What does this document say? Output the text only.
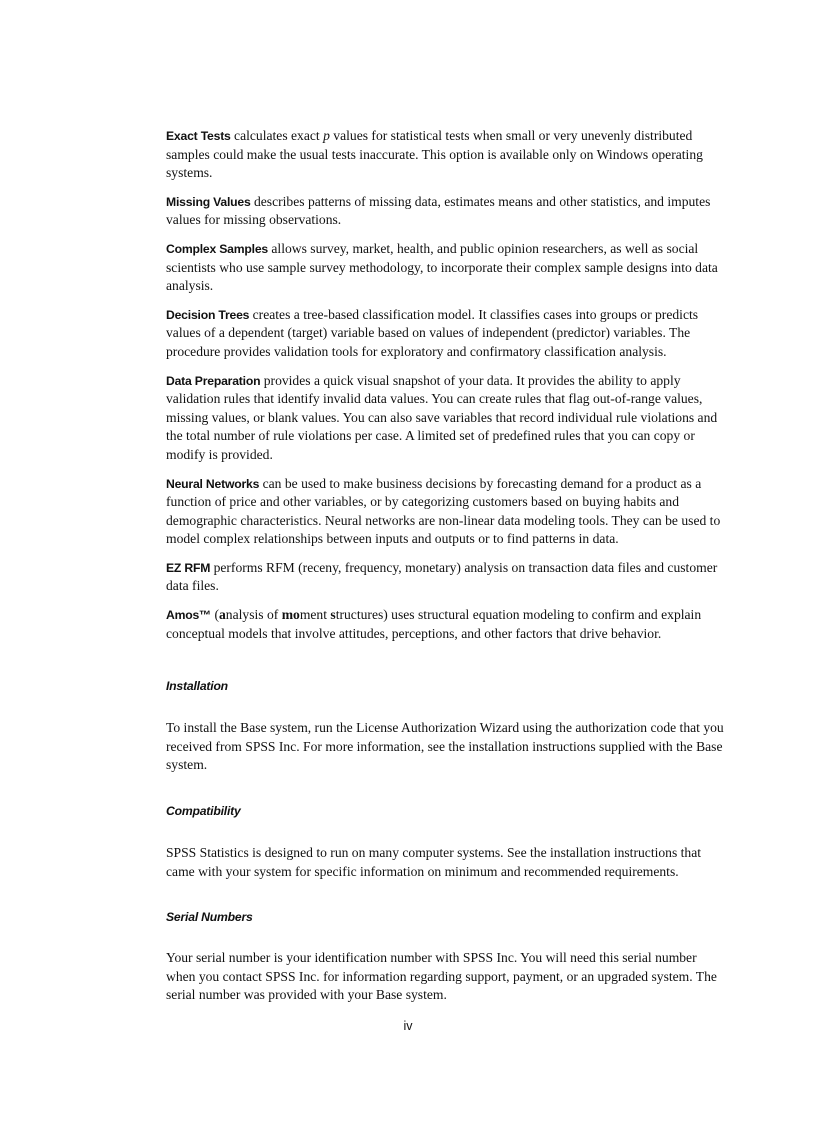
Exact Tests calculates exact p values for statistical tests when small or very unevenly distributed samples could make the usual tests inaccurate. This option is available only on Windows operating systems.

Missing Values describes patterns of missing data, estimates means and other statistics, and imputes values for missing observations.

Complex Samples allows survey, market, health, and public opinion researchers, as well as social scientists who use sample survey methodology, to incorporate their complex sample designs into data analysis.

Decision Trees creates a tree-based classification model. It classifies cases into groups or predicts values of a dependent (target) variable based on values of independent (predictor) variables. The procedure provides validation tools for exploratory and confirmatory classification analysis.

Data Preparation provides a quick visual snapshot of your data. It provides the ability to apply validation rules that identify invalid data values. You can create rules that flag out-of-range values, missing values, or blank values. You can also save variables that record individual rule violations and the total number of rule violations per case. A limited set of predefined rules that you can copy or modify is provided.

Neural Networks can be used to make business decisions by forecasting demand for a product as a function of price and other variables, or by categorizing customers based on buying habits and demographic characteristics. Neural networks are non-linear data modeling tools. They can be used to model complex relationships between inputs and outputs or to find patterns in data.

EZ RFM performs RFM (receny, frequency, monetary) analysis on transaction data files and customer data files.

Amos™ (analysis of moment structures) uses structural equation modeling to confirm and explain conceptual models that involve attitudes, perceptions, and other factors that drive behavior.

Installation

To install the Base system, run the License Authorization Wizard using the authorization code that you received from SPSS Inc. For more information, see the installation instructions supplied with the Base system.

Compatibility

SPSS Statistics is designed to run on many computer systems. See the installation instructions that came with your system for specific information on minimum and recommended requirements.

Serial Numbers

Your serial number is your identification number with SPSS Inc. You will need this serial number when you contact SPSS Inc. for information regarding support, payment, or an upgraded system. The serial number was provided with your Base system.

iv
